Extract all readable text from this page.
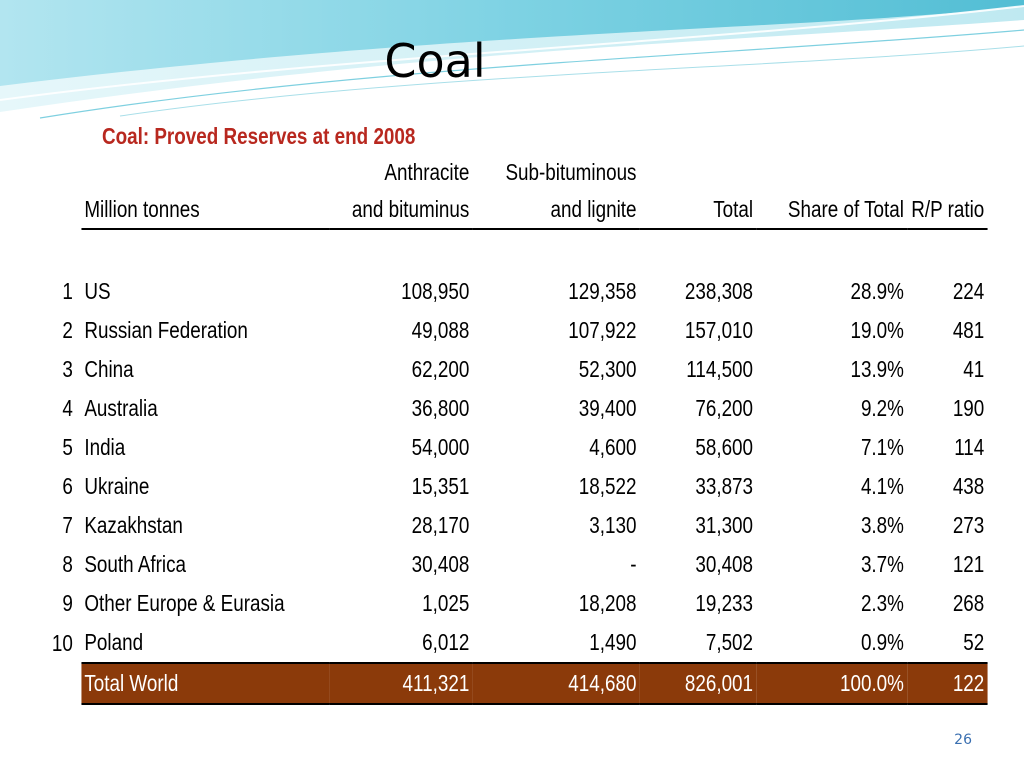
Coal
Coal: Proved Reserves at end 2008
		Anthracite	Sub-bituminous			
	Million tonnes	and bituminus	and lignite	Total	Share of Total	R/P ratio

1	US	108,950	129,358	238,308	28.9%	224
2	Russian Federation	49,088	107,922	157,010	19.0%	481
3	China	62,200	52,300	114,500	13.9%	41
4	Australia	36,800	39,400	76,200	9.2%	190
5	India	54,000	4,600	58,600	7.1%	114
6	Ukraine	15,351	18,522	33,873	4.1%	438
7	Kazakhstan	28,170	3,130	31,300	3.8%	273
8	South Africa	30,408	-	30,408	3.7%	121
9	Other Europe & Eurasia	1,025	18,208	19,233	2.3%	268
10	Poland	6,012	1,490	7,502	0.9%	52
	Total World	411,321	414,680	826,001	100.0%	122
26
